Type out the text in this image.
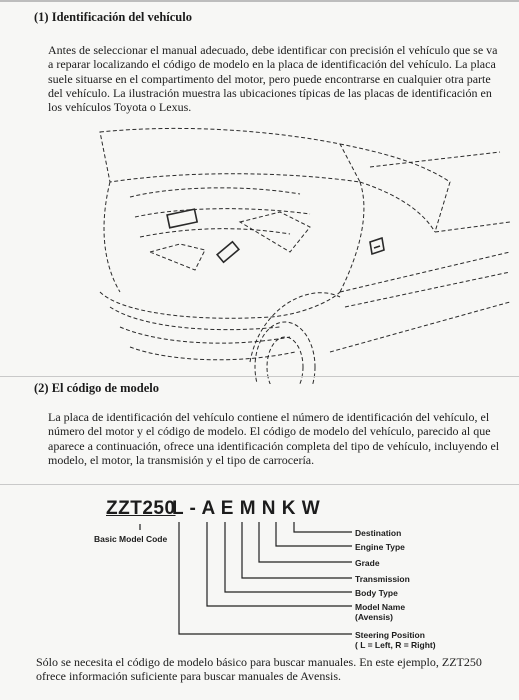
(1) Identificación del vehículo

Antes de seleccionar el manual adecuado, debe identificar con precisión el vehículo que se va a reparar localizando el código de modelo en la placa de identificación del vehículo. La placa suele situarse en el compartimento del motor, pero puede encontrarse en cualquier otra parte del vehículo. La ilustración muestra las ubicaciones típicas de las placas de identificación en los vehículos Toyota o Lexus.

(2) El código de modelo

La placa de identificación del vehículo contiene el número de identificación del vehículo, el número del motor y el código de modelo. El código de modelo del vehículo, parecido al que aparece a continuación, ofrece una identificación completa del tipo de vehículo, incluyendo el modelo, el motor, la transmisión y el tipo de carrocería.

ZZT250
L - A E M N K W
Basic Model Code
Destination
Engine Type
Grade
Transmission
Body Type
Model Name
(Avensis)
Steering Position
( L = Left, R = Right)

Sólo se necesita el código de modelo básico para buscar manuales. En este ejemplo, ZZT250 ofrece información suficiente para buscar manuales de Avensis.
